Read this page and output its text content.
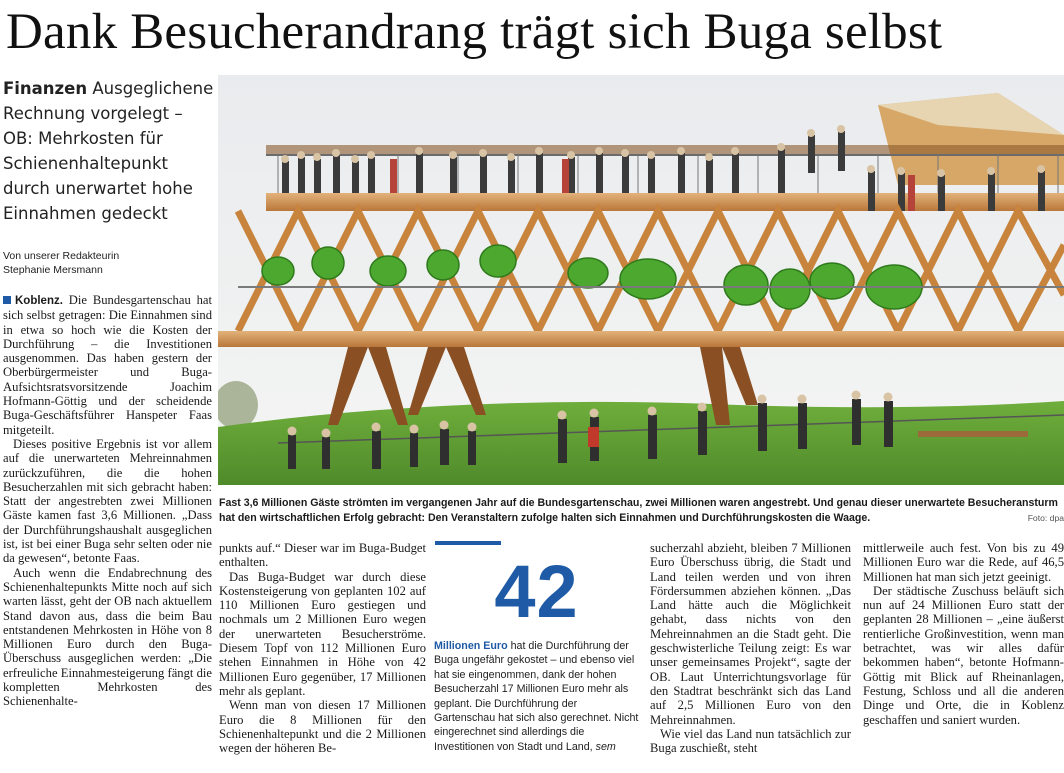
Dank Besucherandrang trägt sich Buga selbst
Finanzen Ausgeglichene Rechnung vorgelegt – OB: Mehrkosten für Schienenhaltepunkt durch unerwartet hohe Einnahmen gedeckt
Von unserer Redakteurin
Stephanie Mersmann

Koblenz. Die Bundesgartenschau hat sich selbst getragen: Die Einnahmen sind in etwa so hoch wie die Kosten der Durchführung – die Investitionen ausgenommen. Das haben gestern der Oberbürgermeister und Buga-Aufsichtsratsvorsitzende Joachim Hofmann-Göttig und der scheidende Buga-Geschäftsführer Hanspeter Faas mitgeteilt.

Dieses positive Ergebnis ist vor allem auf die unerwarteten Mehreinnahmen zurückzuführen, die die hohen Besucherzahlen mit sich gebracht haben: Statt der angestrebten zwei Millionen Gäste kamen fast 3,6 Millionen. „Dass der Durchführungshaushalt ausgeglichen ist, ist bei einer Buga sehr selten oder nie da gewesen“, betonte Faas.

Auch wenn die Endabrechnung des Schienenhaltepunkts Mitte noch auf sich warten lässt, geht der OB nach aktuellem Stand davon aus, dass die beim Bau entstandenen Mehrkosten in Höhe von 8 Millionen Euro durch den Buga-Überschuss ausgeglichen werden: „Die erfreuliche Einnahmesteigerung fängt die kompletten Mehrkosten des Schienenhalte-

Fast 3,6 Millionen Gäste strömten im vergangenen Jahr auf die Bundesgartenschau, zwei Millionen waren angestrebt. Und genau dieser unerwartete Besucheransturm hat den wirtschaftlichen Erfolg gebracht: Den Veranstaltern zufolge halten sich Einnahmen und Durchführungskosten die Waage.	Foto: dpa

punkts auf.“ Dieser war im Buga-Budget enthalten.

Das Buga-Budget war durch diese Kostensteigerung von geplanten 102 auf 110 Millionen Euro gestiegen und nochmals um 2 Millionen Euro wegen der unerwarteten Besucherströme. Diesem Topf von 112 Millionen Euro stehen Einnahmen in Höhe von 42 Millionen Euro gegenüber, 17 Millionen mehr als geplant.

Wenn man von diesen 17 Millionen Euro die 8 Millionen für den Schienenhaltepunkt und die 2 Millionen wegen der höheren Be-

42
Millionen Euro hat die Durchführung der Buga ungefähr gekostet – und ebenso viel hat sie eingenommen, dank der hohen Besucherzahl 17 Millionen Euro mehr als geplant. Die Durchführung der Gartenschau hat sich also gerechnet. Nicht eingerechnet sind allerdings die Investitionen von Stadt und Land, sem

sucherzahl abzieht, bleiben 7 Millionen Euro Überschuss übrig, die Stadt und Land teilen werden und von ihren Fördersummen abziehen können. „Das Land hätte auch die Möglichkeit gehabt, dass nichts von den Mehreinnahmen an die Stadt geht. Die geschwisterliche Teilung zeigt: Es war unser gemeinsames Projekt“, sagte der OB. Laut Unterrichtungsvorlage für den Stadtrat beschränkt sich das Land auf 2,5 Millionen Euro von den Mehreinnahmen.

Wie viel das Land nun tatsächlich zur Buga zuschießt, steht

mittlerweile auch fest. Von bis zu 49 Millionen Euro war die Rede, auf 46,5 Millionen hat man sich jetzt geeinigt.

Der städtische Zuschuss beläuft sich nun auf 24 Millionen Euro statt der geplanten 28 Millionen – „eine äußerst rentierliche Großinvestition, wenn man betrachtet, was wir alles dafür bekommen haben“, betonte Hofmann-Göttig mit Blick auf Rheinanlagen, Festung, Schloss und all die anderen Dinge und Orte, die in Koblenz geschaffen und saniert wurden.
